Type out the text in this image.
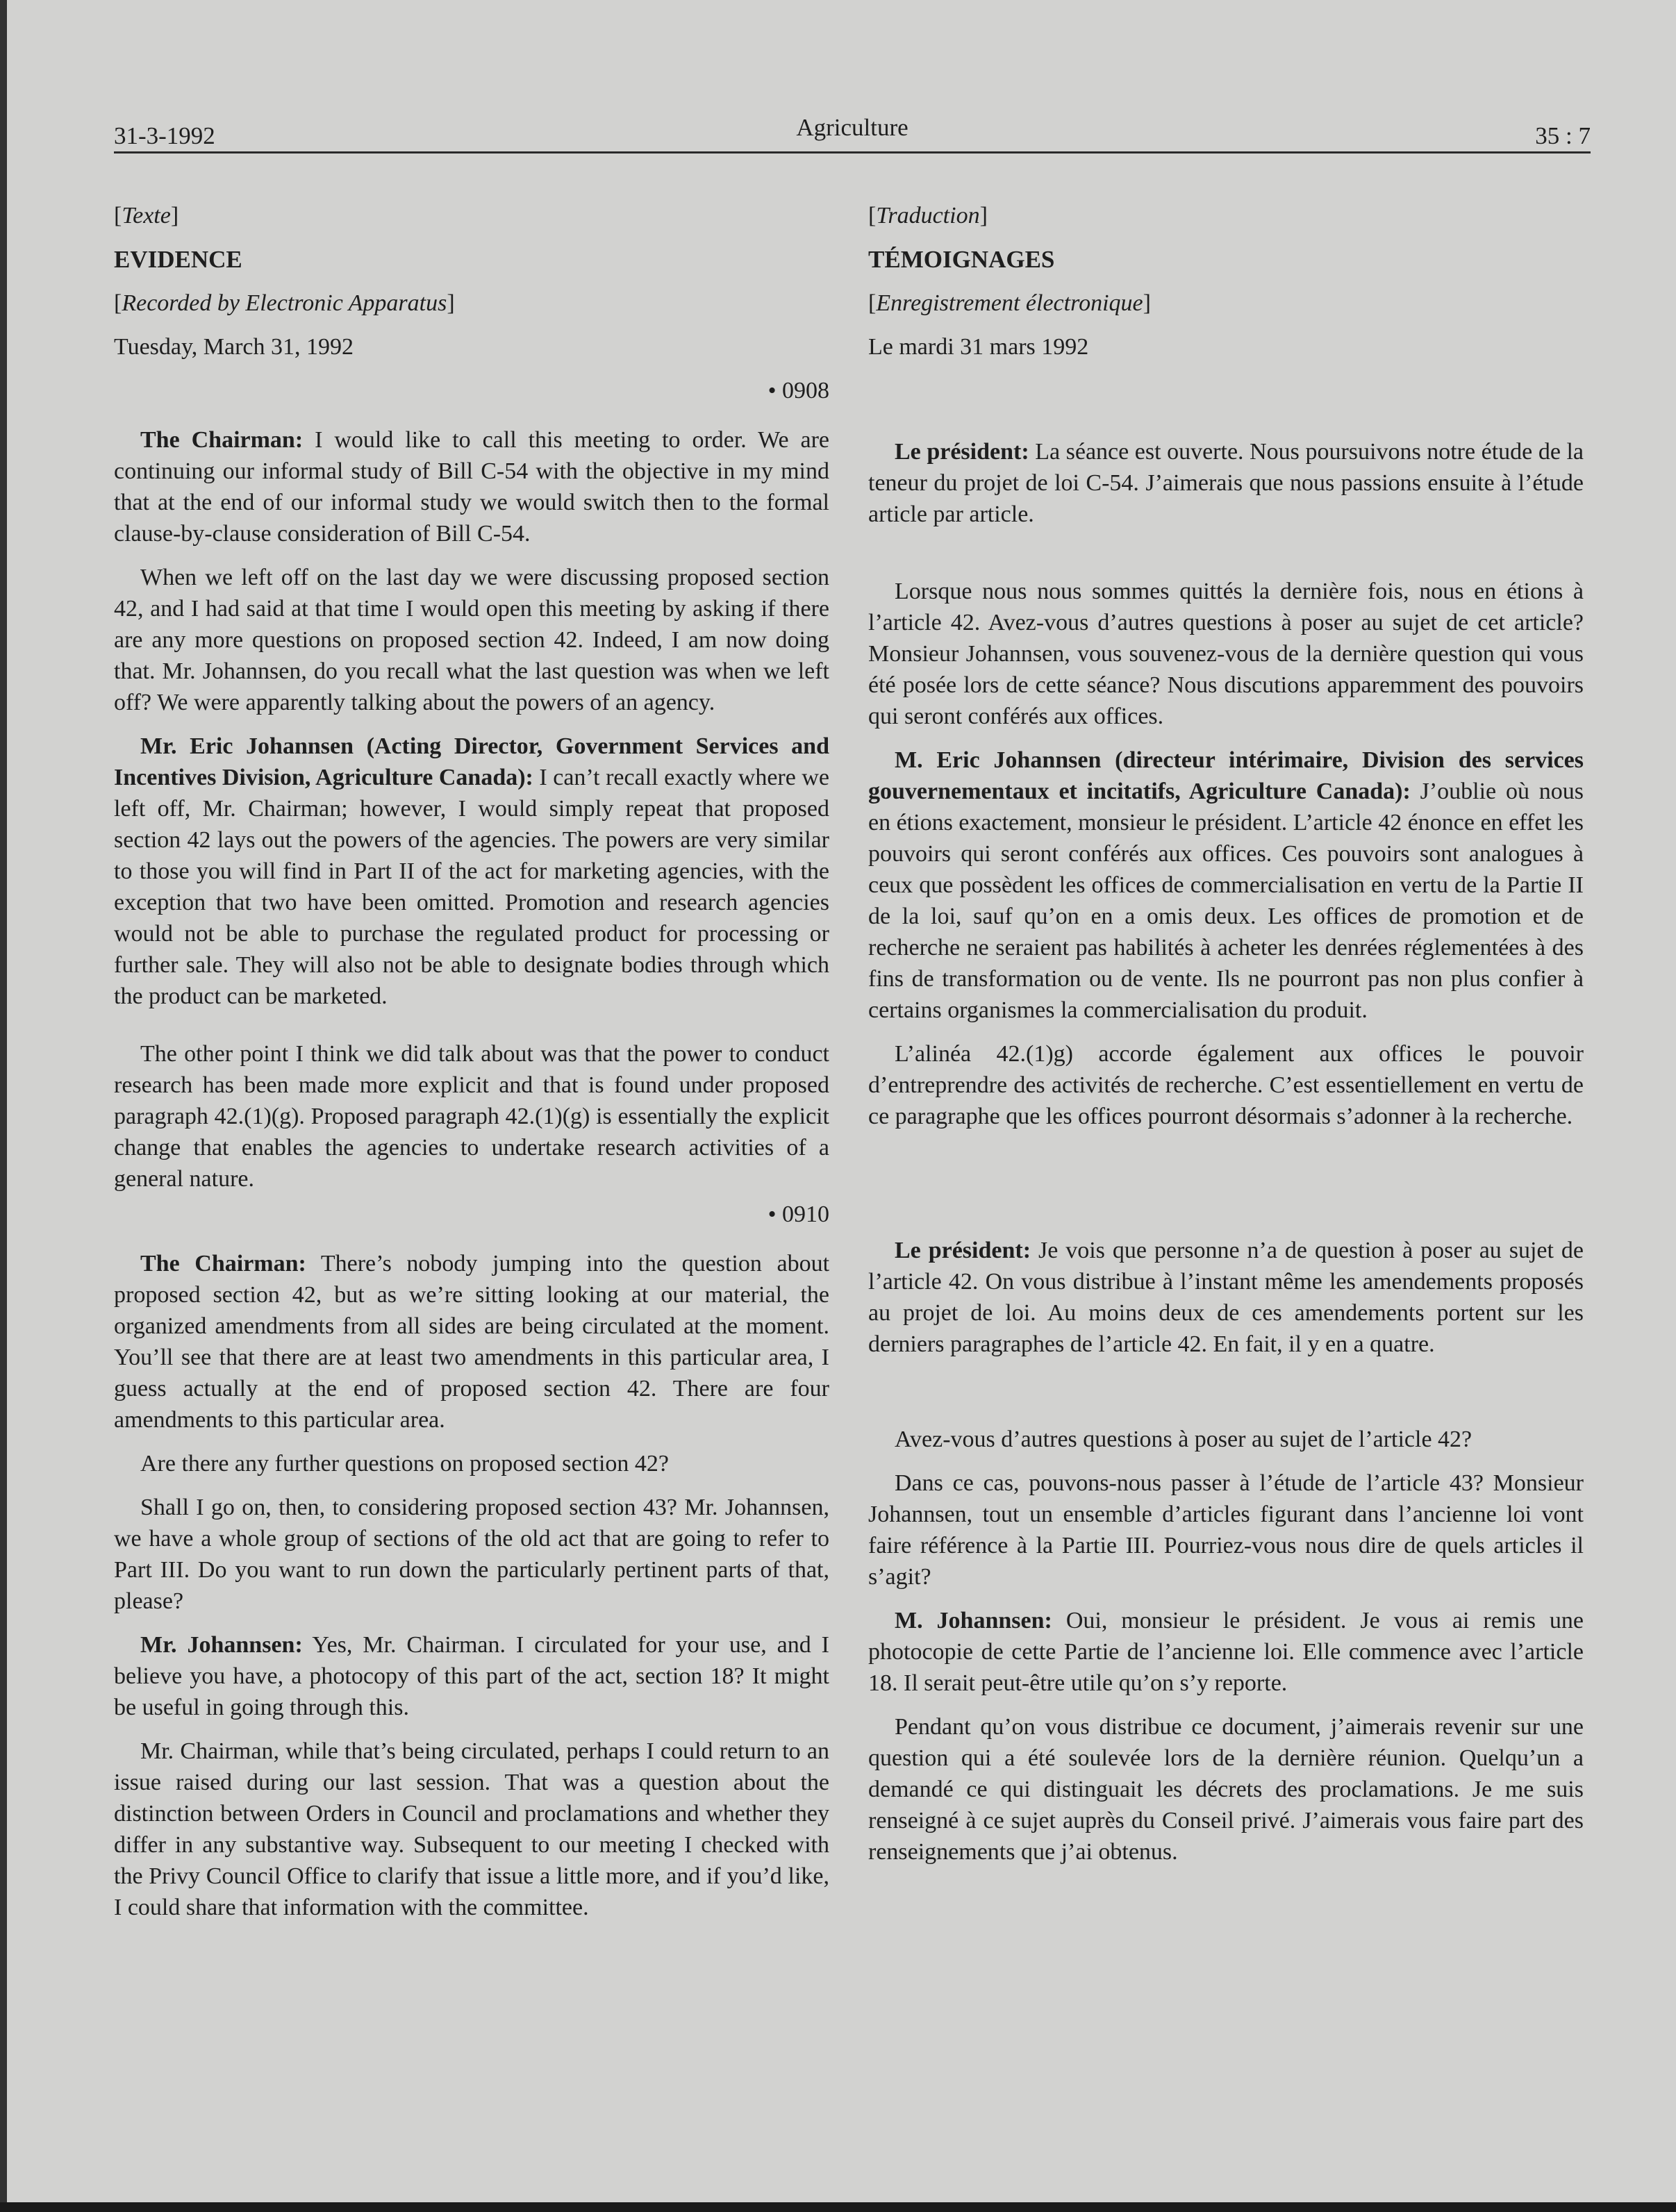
31-3-1992	Agriculture	35 : 7

[Texte]

EVIDENCE

[Recorded by Electronic Apparatus]

Tuesday, March 31, 1992

• 0908

The Chairman: I would like to call this meeting to order. We are continuing our informal study of Bill C-54 with the objective in my mind that at the end of our informal study we would switch then to the formal clause-by-clause consideration of Bill C-54.

When we left off on the last day we were discussing proposed section 42, and I had said at that time I would open this meeting by asking if there are any more questions on proposed section 42. Indeed, I am now doing that. Mr. Johannsen, do you recall what the last question was when we left off? We were apparently talking about the powers of an agency.

Mr. Eric Johannsen (Acting Director, Government Services and Incentives Division, Agriculture Canada): I can’t recall exactly where we left off, Mr. Chairman; however, I would simply repeat that proposed section 42 lays out the powers of the agencies. The powers are very similar to those you will find in Part II of the act for marketing agencies, with the exception that two have been omitted. Promotion and research agencies would not be able to purchase the regulated product for processing or further sale. They will also not be able to designate bodies through which the product can be marketed.

The other point I think we did talk about was that the power to conduct research has been made more explicit and that is found under proposed paragraph 42.(1)(g). Proposed paragraph 42.(1)(g) is essentially the explicit change that enables the agencies to undertake research activities of a general nature.

• 0910

The Chairman: There’s nobody jumping into the question about proposed section 42, but as we’re sitting looking at our material, the organized amendments from all sides are being circulated at the moment. You’ll see that there are at least two amendments in this particular area, I guess actually at the end of proposed section 42. There are four amendments to this particular area.

Are there any further questions on proposed section 42?

Shall I go on, then, to considering proposed section 43? Mr. Johannsen, we have a whole group of sections of the old act that are going to refer to Part III. Do you want to run down the particularly pertinent parts of that, please?

Mr. Johannsen: Yes, Mr. Chairman. I circulated for your use, and I believe you have, a photocopy of this part of the act, section 18? It might be useful in going through this.

Mr. Chairman, while that’s being circulated, perhaps I could return to an issue raised during our last session. That was a question about the distinction between Orders in Council and proclamations and whether they differ in any substantive way. Subsequent to our meeting I checked with the Privy Council Office to clarify that issue a little more, and if you’d like, I could share that information with the committee.

[Traduction]

TÉMOIGNAGES

[Enregistrement électronique]

Le mardi 31 mars 1992

Le président: La séance est ouverte. Nous poursuivons notre étude de la teneur du projet de loi C-54. J’aimerais que nous passions ensuite à l’étude article par article.

Lorsque nous nous sommes quittés la dernière fois, nous en étions à l’article 42. Avez-vous d’autres questions à poser au sujet de cet article? Monsieur Johannsen, vous souvenez-vous de la dernière question qui vous été posée lors de cette séance? Nous discutions apparemment des pouvoirs qui seront conférés aux offices.

M. Eric Johannsen (directeur intérimaire, Division des services gouvernementaux et incitatifs, Agriculture Canada): J’oublie où nous en étions exactement, monsieur le président. L’article 42 énonce en effet les pouvoirs qui seront conférés aux offices. Ces pouvoirs sont analogues à ceux que possèdent les offices de commercialisation en vertu de la Partie II de la loi, sauf qu’on en a omis deux. Les offices de promotion et de recherche ne seraient pas habilités à acheter les denrées réglementées à des fins de transformation ou de vente. Ils ne pourront pas non plus confier à certains organismes la commercialisation du produit.

L’alinéa 42.(1)g) accorde également aux offices le pouvoir d’entreprendre des activités de recherche. C’est essentiellement en vertu de ce paragraphe que les offices pourront désormais s’adonner à la recherche.

Le président: Je vois que personne n’a de question à poser au sujet de l’article 42. On vous distribue à l’instant même les amendements proposés au projet de loi. Au moins deux de ces amendements portent sur les derniers paragraphes de l’article 42. En fait, il y en a quatre.

Avez-vous d’autres questions à poser au sujet de l’article 42?

Dans ce cas, pouvons-nous passer à l’étude de l’article 43? Monsieur Johannsen, tout un ensemble d’articles figurant dans l’ancienne loi vont faire référence à la Partie III. Pourriez-vous nous dire de quels articles il s’agit?

M. Johannsen: Oui, monsieur le président. Je vous ai remis une photocopie de cette Partie de l’ancienne loi. Elle commence avec l’article 18. Il serait peut-être utile qu’on s’y reporte.

Pendant qu’on vous distribue ce document, j’aimerais revenir sur une question qui a été soulevée lors de la dernière réunion. Quelqu’un a demandé ce qui distinguait les décrets des proclamations. Je me suis renseigné à ce sujet auprès du Conseil privé. J’aimerais vous faire part des renseignements que j’ai obtenus.
